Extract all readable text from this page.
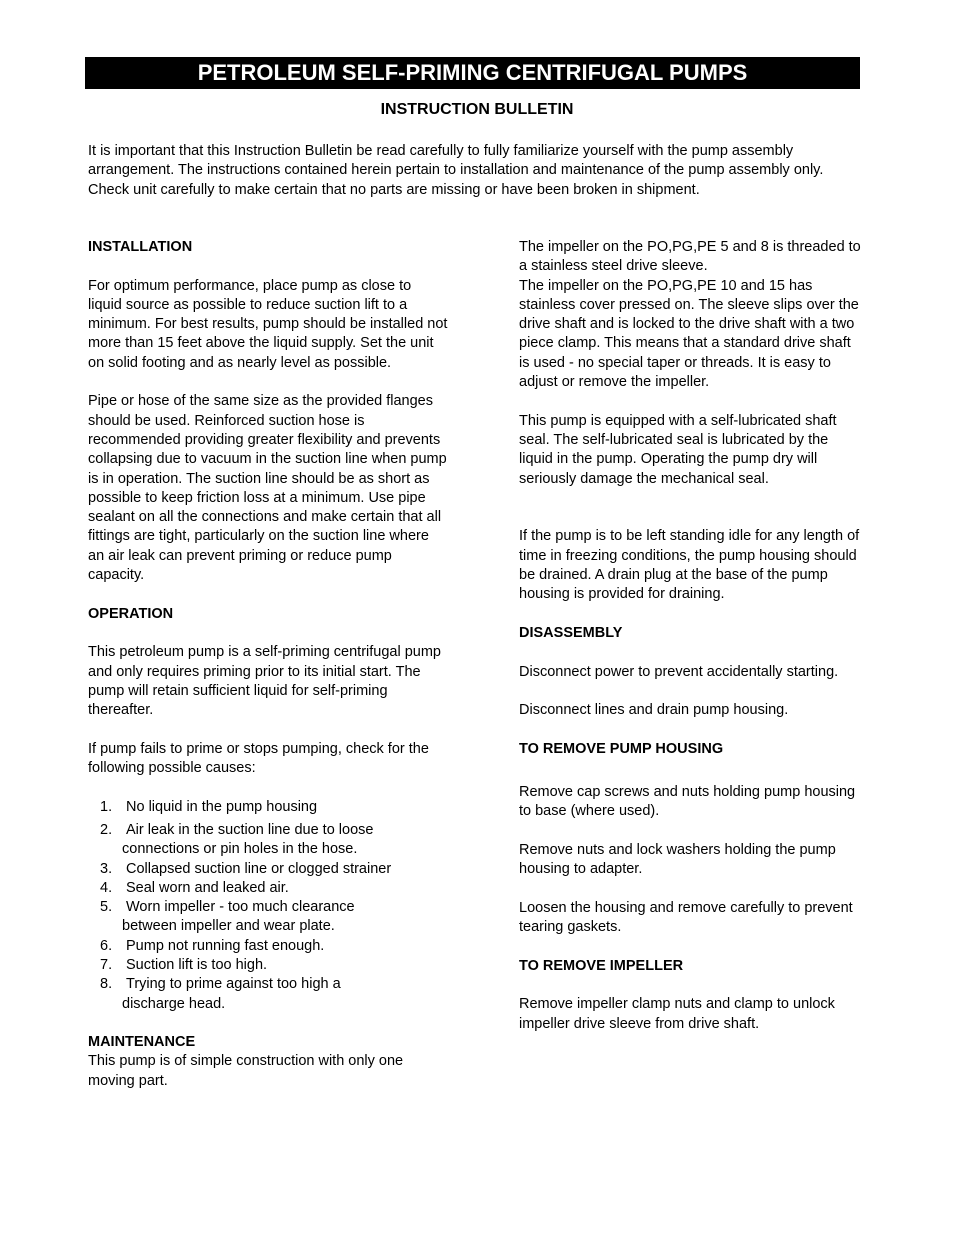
PETROLEUM SELF-PRIMING CENTRIFUGAL PUMPS
INSTRUCTION BULLETIN
It is important that this Instruction Bulletin be read carefully to fully familiarize yourself with the pump assembly arrangement. The instructions contained herein pertain to installation and maintenance of the pump assembly only. Check unit carefully to make certain that no parts are missing or have been broken in shipment.
INSTALLATION

For optimum performance, place pump as close to liquid source as possible to reduce suction lift to a minimum. For best results, pump should be installed not more than 15 feet above the liquid supply. Set the unit on solid footing and as nearly level as possible.

Pipe or hose of the same size as the provided flanges should be used. Reinforced suction hose is recommended providing greater flexibility and prevents collapsing due to vacuum in the suction line when pump is in operation. The suction line should be as short as possible to keep friction loss at a minimum. Use pipe sealant on all the connections and make certain that all fittings are tight, particularly on the suction line where an air leak can prevent priming or reduce pump capacity.

OPERATION

This petroleum pump is a self-priming centrifugal pump and only requires priming prior to its initial start. The pump will retain sufficient liquid for self-priming thereafter.

If pump fails to prime or stops pumping, check for the following possible causes:

1. No liquid in the pump housing
2. Air leak in the suction line due to loose
connections or pin holes in the hose.
3. Collapsed suction line or clogged strainer
4. Seal worn and leaked air.
5. Worn impeller - too much clearance
between impeller and wear plate.
6. Pump not running fast enough.
7. Suction lift is too high.
8. Trying to prime against too high a
discharge head.
MAINTENANCE

This pump is of simple construction with only one moving part.

The impeller on the PO,PG,PE 5 and 8 is threaded to a stainless steel drive sleeve.

The impeller on the PO,PG,PE 10 and 15 has stainless cover pressed on. The sleeve slips over the drive shaft and is locked to the drive shaft with a two piece clamp. This means that a standard drive shaft is used - no special taper or threads. It is easy to adjust or remove the impeller.

This pump is equipped with a self-lubricated shaft seal. The self-lubricated seal is lubricated by the liquid in the pump. Operating the pump dry will seriously damage the mechanical seal.

If the pump is to be left standing idle for any length of time in freezing conditions, the pump housing should be drained. A drain plug at the base of the pump housing is provided for draining.

DISASSEMBLY

Disconnect power to prevent accidentally starting.

Disconnect lines and drain pump housing.

TO REMOVE PUMP HOUSING

Remove cap screws and nuts holding pump housing to base (where used).

Remove nuts and lock washers holding the pump housing to adapter.

Loosen the housing and remove carefully to prevent tearing gaskets.

TO REMOVE IMPELLER

Remove impeller clamp nuts and clamp to unlock impeller drive sleeve from drive shaft.
